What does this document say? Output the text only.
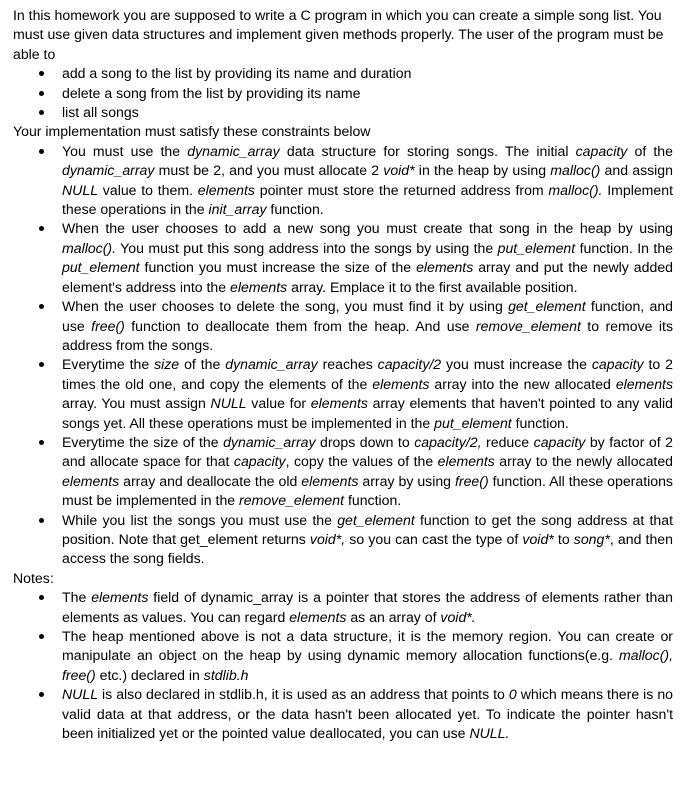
In this homework you are supposed to write a C program in which you can create a simple song list. You must use given data structures and implement given methods properly. The user of the program must be able to

add a song to the list by providing its name and duration
delete a song from the list by providing its name
list all songs

Your implementation must satisfy these constraints below

You must use the dynamic_array data structure for storing songs. The initial capacity of the dynamic_array must be 2, and you must allocate 2 void* in the heap by using malloc() and assign NULL value to them. elements pointer must store the returned address from malloc(). Implement these operations in the init_array function.
When the user chooses to add a new song you must create that song in the heap by using malloc(). You must put this song address into the songs by using the put_element function. In the put_element function you must increase the size of the elements array and put the newly added element's address into the elements array. Emplace it to the first available position.
When the user chooses to delete the song, you must find it by using get_element function, and use free() function to deallocate them from the heap. And use remove_element to remove its address from the songs.
Everytime the size of the dynamic_array reaches capacity/2 you must increase the capacity to 2 times the old one, and copy the elements of the elements array into the new allocated elements array. You must assign NULL value for elements array elements that haven't pointed to any valid songs yet. All these operations must be implemented in the put_element function.
Everytime the size of the dynamic_array drops down to capacity/2, reduce capacity by factor of 2 and allocate space for that capacity, copy the values of the elements array to the newly allocated elements array and deallocate the old elements array by using free() function. All these operations must be implemented in the remove_element function.
While you list the songs you must use the get_element function to get the song address at that position. Note that get_element returns void*, so you can cast the type of void* to song*, and then access the song fields.

Notes:

The elements field of dynamic_array is a pointer that stores the address of elements rather than elements as values. You can regard elements as an array of void*.
The heap mentioned above is not a data structure, it is the memory region. You can create or manipulate an object on the heap by using dynamic memory allocation functions(e.g. malloc(), free() etc.) declared in stdlib.h
NULL is also declared in stdlib.h, it is used as an address that points to 0 which means there is no valid data at that address, or the data hasn't been allocated yet. To indicate the pointer hasn't been initialized yet or the pointed value deallocated, you can use NULL.
